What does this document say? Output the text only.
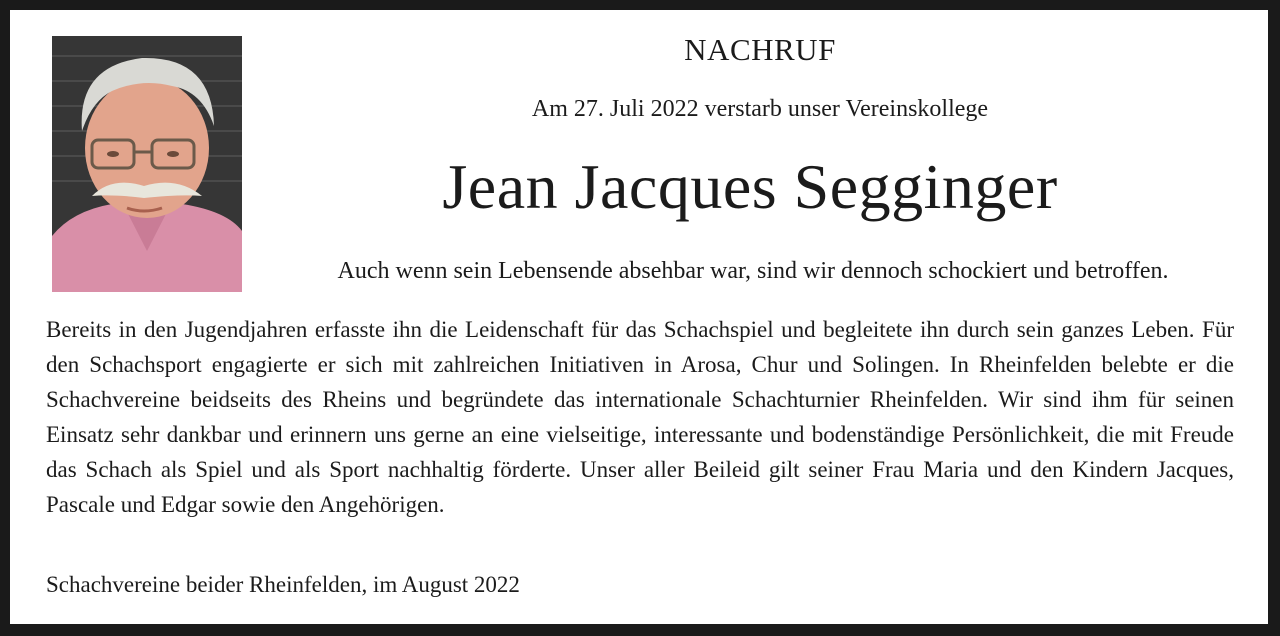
NACHRUF
Am 27. Juli 2022 verstarb unser Vereinskollege
Jean Jacques Segginger
Auch wenn sein Lebensende absehbar war, sind wir dennoch schockiert und betroffen.
Bereits in den Jugendjahren erfasste ihn die Leidenschaft für das Schachspiel und begleitete ihn durch sein ganzes Leben. Für den Schachsport engagierte er sich mit zahlreichen Initiativen in Arosa, Chur und Solingen. In Rheinfelden belebte er die Schachvereine beidseits des Rheins und begründete das internationale Schachturnier Rheinfelden. Wir sind ihm für seinen Einsatz sehr dankbar und erinnern uns gerne an eine vielseitige, interessante und bodenständige Persönlichkeit, die mit Freude das Schach als Spiel und als Sport nachhaltig förderte. Unser aller Beileid gilt seiner Frau Maria und den Kindern Jacques, Pascale und Edgar sowie den Angehörigen.
Schachvereine beider Rheinfelden, im August 2022
